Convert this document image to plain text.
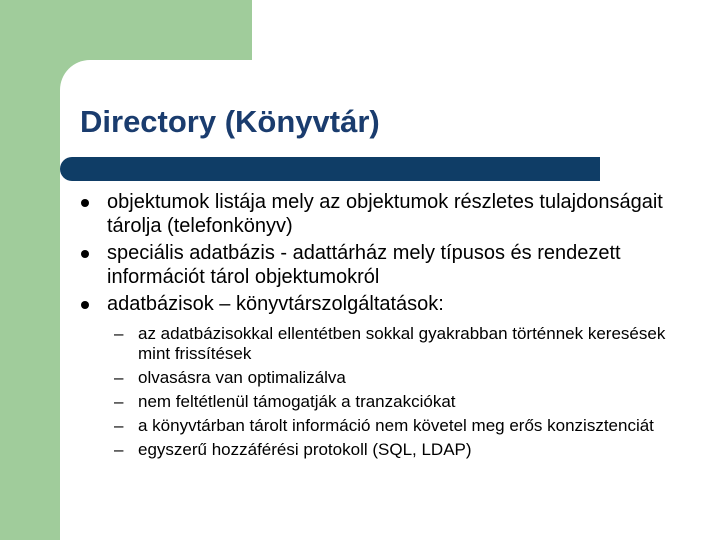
Directory (Könyvtár)
objektumok listája mely az objektumok részletes tulajdonságait tárolja (telefonkönyv)
speciális adatbázis - adattárház mely típusos és rendezett információt tárol objektumokról
adatbázisok – könyvtárszolgáltatások:
– az adatbázisokkal ellentétben sokkal gyakrabban történnek keresések mint frissítések
– olvasásra van optimalizálva
– nem feltétlenül támogatják a tranzakciókat
– a könyvtárban tárolt információ nem követel meg erős konzisztenciát
– egyszerű hozzáférési protokoll (SQL, LDAP)
